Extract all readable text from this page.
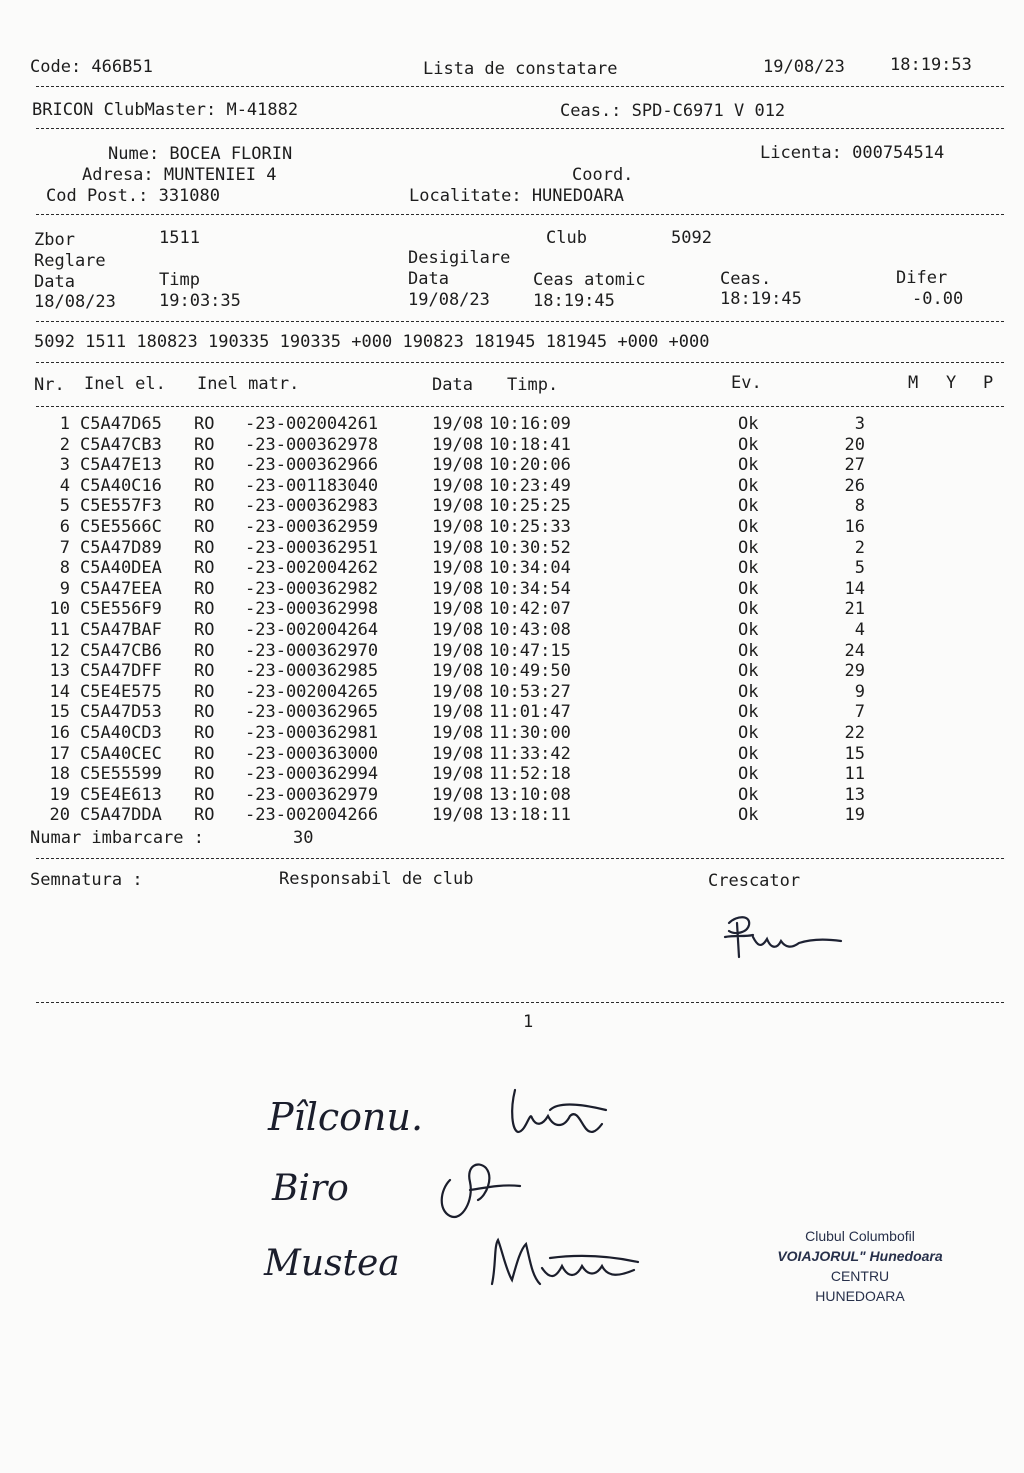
Code: 466B51	Lista de constatare	19/08/23	18:19:53
BRICON ClubMaster: M-41882	Ceas.: SPD-C6971 V 012
Nume: BOCEA FLORIN	Licenta: 000754514
Adresa: MUNTENIEI 4	Coord.
Cod Post.: 331080	Localitate: HUNEDOARA
Zbor	1511	Club	5092
Reglare	Desigilare
Data	Timp	Data	Ceas atomic	Ceas.	Difer
18/08/23	19:03:35	19/08/23	18:19:45	18:19:45	-0.00
5092 1511 180823 190335 190335 +000 190823 181945 181945 +000 +000
Nr. Inel el. Inel matr.	Data Timp.	Ev.	M Y P
1 C5A47D65 RO -23-002004261	19/08 10:16:09	Ok	3
2 C5A47CB3 RO -23-000362978	19/08 10:18:41	Ok	20
3 C5A47E13 RO -23-000362966	19/08 10:20:06	Ok	27
4 C5A40C16 RO -23-001183040	19/08 10:23:49	Ok	26
5 C5E557F3 RO -23-000362983	19/08 10:25:25	Ok	8
6 C5E5566C RO -23-000362959	19/08 10:25:33	Ok	16
7 C5A47D89 RO -23-000362951	19/08 10:30:52	Ok	2
8 C5A40DEA RO -23-002004262	19/08 10:34:04	Ok	5
9 C5A47EEA RO -23-000362982	19/08 10:34:54	Ok	14
10 C5E556F9 RO -23-000362998	19/08 10:42:07	Ok	21
11 C5A47BAF RO -23-002004264	19/08 10:43:08	Ok	4
12 C5A47CB6 RO -23-000362970	19/08 10:47:15	Ok	24
13 C5A47DFF RO -23-000362985	19/08 10:49:50	Ok	29
14 C5E4E575 RO -23-002004265	19/08 10:53:27	Ok	9
15 C5A47D53 RO -23-000362965	19/08 11:01:47	Ok	7
16 C5A40CD3 RO -23-000362981	19/08 11:30:00	Ok	22
17 C5A40CEC RO -23-000363000	19/08 11:33:42	Ok	15
18 C5E55599 RO -23-000362994	19/08 11:52:18	Ok	11
19 C5E4E613 RO -23-000362979	19/08 13:10:08	Ok	13
20 C5A47DDA RO -23-002004266	19/08 13:18:11	Ok	19
Numar imbarcare :	30
Semnatura :	Responsabil de club	Crescator
1
Pîlconu.
Biro
Mustea
Clubul Columbofil
VOIAJORUL" Hunedoara
CENTRU
HUNEDOARA
